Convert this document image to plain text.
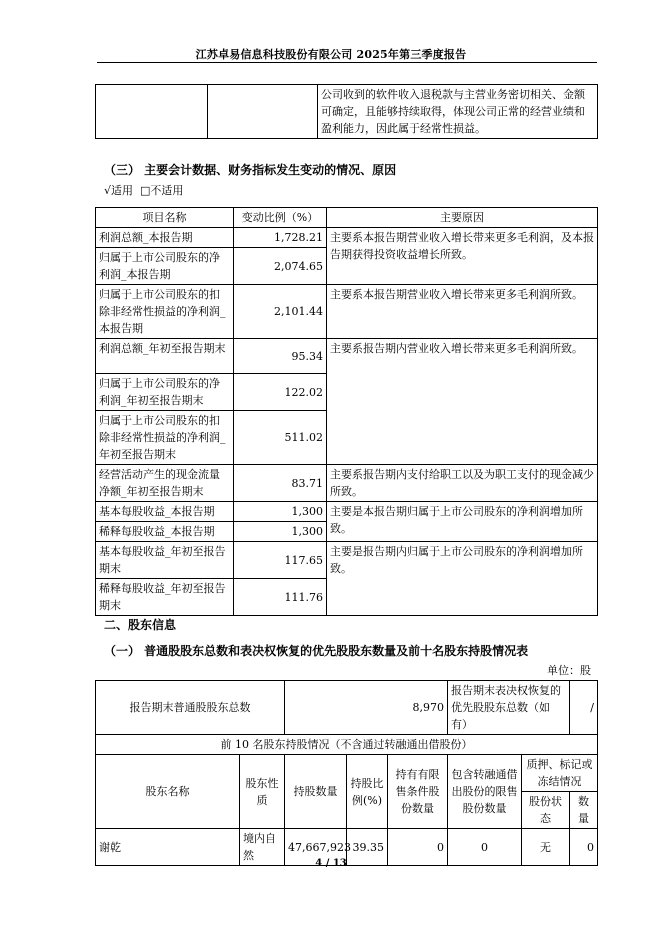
江苏卓易信息科技股份有限公司 2025年第三季度报告
		公司收到的软件收入退税款与主营业务密切相关、金额可确定，且能够持续取得，体现公司正常的经营业绩和盈利能力，因此属于经常性损益。
（三） 主要会计数据、财务指标发生变动的情况、原因
√适用 □不适用
项目名称	变动比例（%）	主要原因
利润总额_本报告期	1,728.21	主要系本报告期营业收入增长带来更多毛利润，及本报告期获得投资收益增长所致。
归属于上市公司股东的净利润_本报告期	2,074.65	
归属于上市公司股东的扣除非经常性损益的净利润_本报告期	2,101.44	主要系本报告期营业收入增长带来更多毛利润所致。
利润总额_年初至报告期末	95.34	主要系报告期内营业收入增长带来更多毛利润所致。
归属于上市公司股东的净利润_年初至报告期末	122.02	
归属于上市公司股东的扣除非经常性损益的净利润_年初至报告期末	511.02	
经营活动产生的现金流量净额_年初至报告期末	83.71	主要系报告期内支付给职工以及为职工支付的现金减少所致。
基本每股收益_本报告期	1,300	主要是本报告期归属于上市公司股东的净利润增加所致。
稀释每股收益_本报告期	1,300	
基本每股收益_年初至报告期末	117.65	主要是报告期内归属于上市公司股东的净利润增加所致。
稀释每股收益_年初至报告期末	111.76	
二、股东信息
（一） 普通股股东总数和表决权恢复的优先股股东数量及前十名股东持股情况表
单位：股
报告期末普通股股东总数		8,970			报告期末表决权恢复的优先股股东总数（如有）		/
前 10 名股东持股情况（不含通过转融通出借股份）							
股东名称	股东性质	持股数量	持股比例(%)	持有有限售条件股份数量	包含转融通借出股份的限售股份数量	质押、标记或冻结情况	
						股份状态	数量
谢乾	境内自然	47,667,923	39.35	0	0	无	0
4 / 13
